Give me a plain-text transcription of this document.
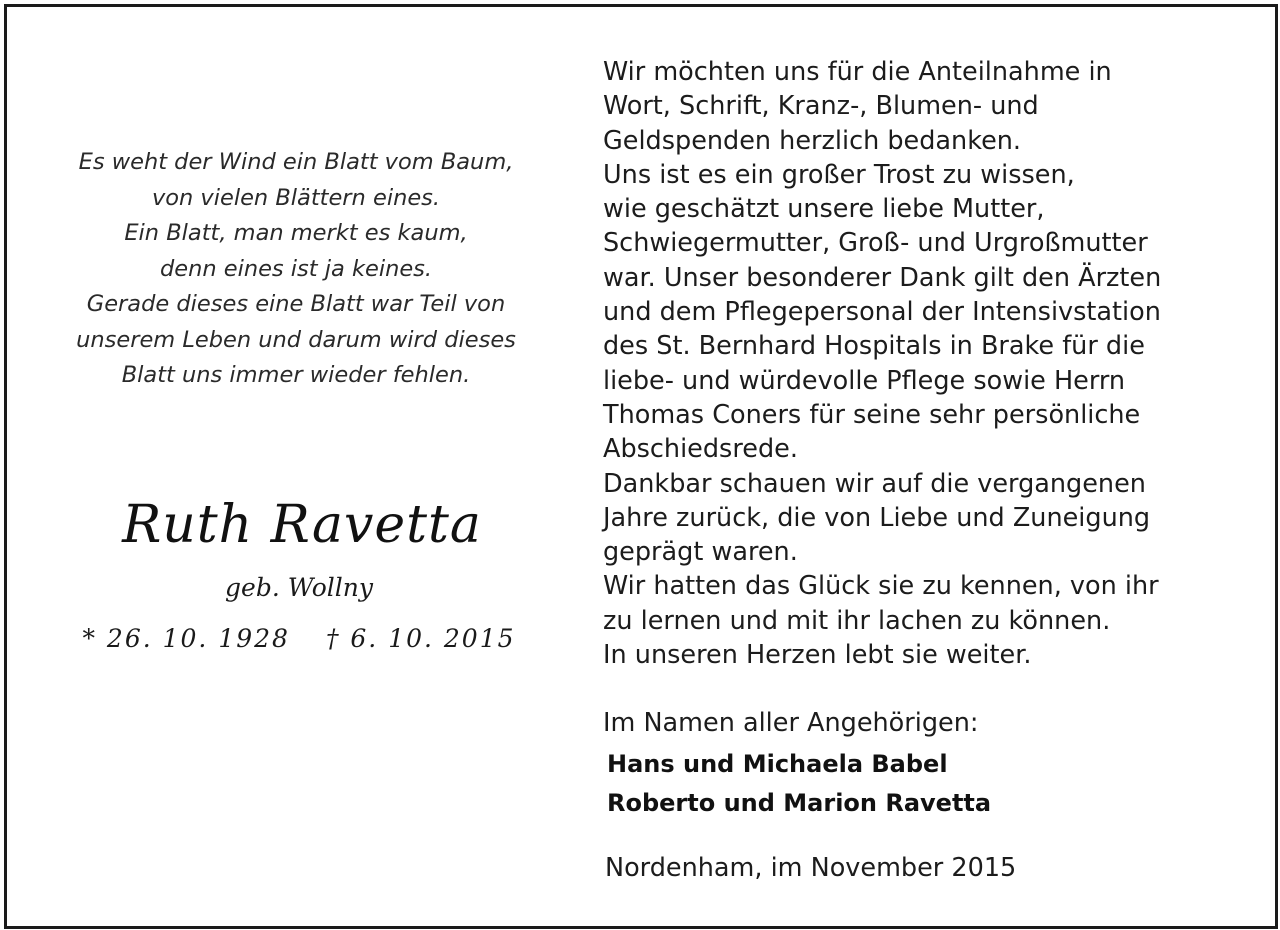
Es weht der Wind ein Blatt vom Baum,
von vielen Blättern eines.
Ein Blatt, man merkt es kaum,
denn eines ist ja keines.
Gerade dieses eine Blatt war Teil von
unserem Leben und darum wird dieses
Blatt uns immer wieder fehlen.
Ruth Ravetta
geb. Wollny
* 26. 10. 1928 † 6. 10. 2015
Wir möchten uns für die Anteilnahme in
Wort, Schrift, Kranz-, Blumen- und
Geldspenden herzlich bedanken.
Uns ist es ein großer Trost zu wissen,
wie geschätzt unsere liebe Mutter,
Schwiegermutter, Groß- und Urgroßmutter
war. Unser besonderer Dank gilt den Ärzten
und dem Pflegepersonal der Intensivstation
des St. Bernhard Hospitals in Brake für die
liebe- und würdevolle Pflege sowie Herrn
Thomas Coners für seine sehr persönliche
Abschiedsrede.
Dankbar schauen wir auf die vergangenen
Jahre zurück, die von Liebe und Zuneigung
geprägt waren.
Wir hatten das Glück sie zu kennen, von ihr
zu lernen und mit ihr lachen zu können.
In unseren Herzen lebt sie weiter.
Im Namen aller Angehörigen:
Hans und Michaela Babel
Roberto und Marion Ravetta
Nordenham, im November 2015
